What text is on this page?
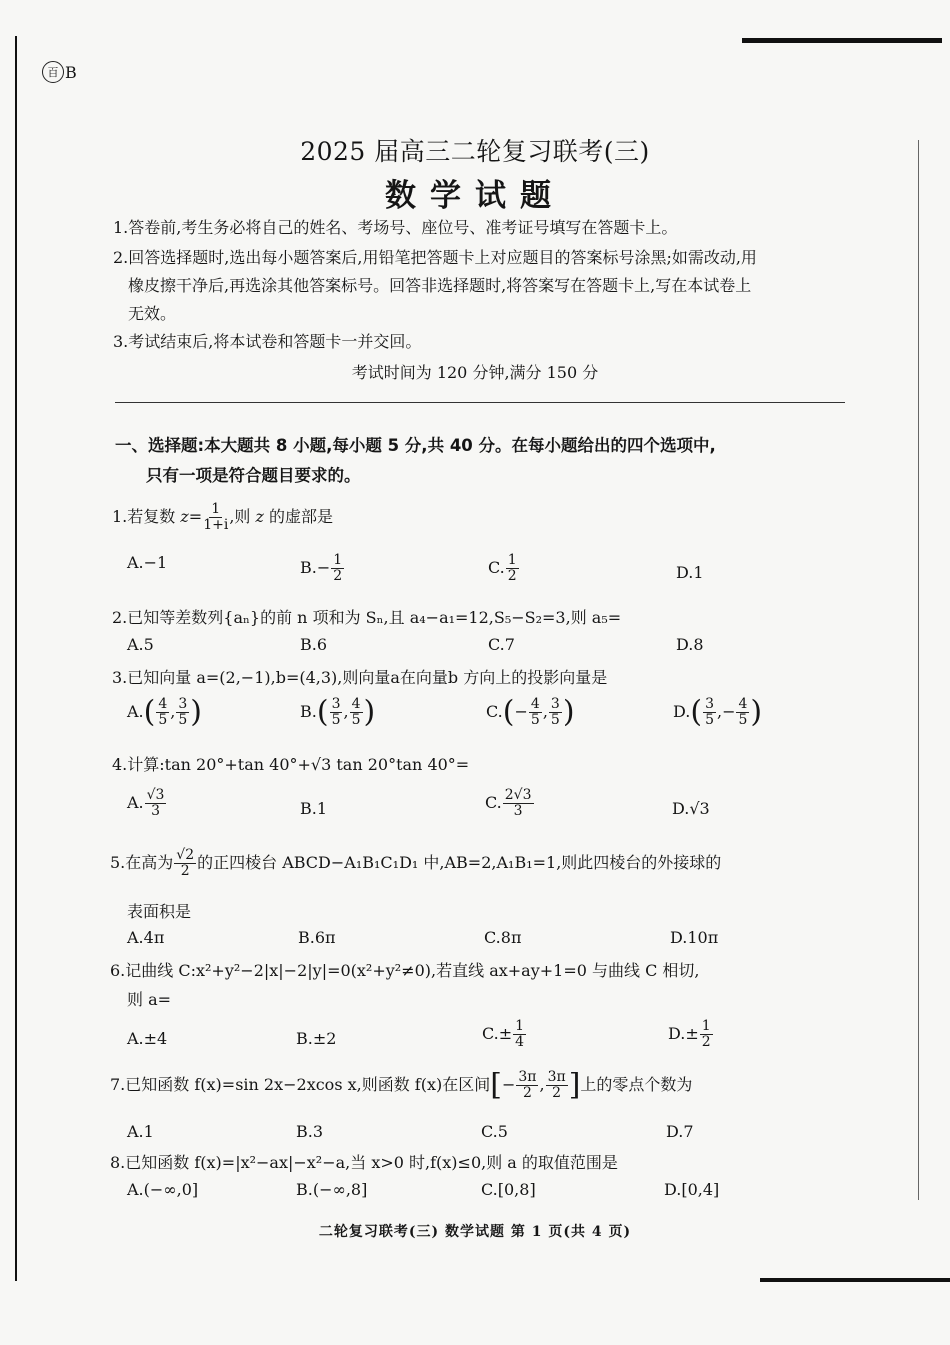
百 B
2025 届高三二轮复习联考(三)
数学试题
1.答卷前,考生务必将自己的姓名、考场号、座位号、准考证号填写在答题卡上。
2.回答选择题时,选出每小题答案后,用铅笔把答题卡上对应题目的答案标号涂黑;如需改动,用
橡皮擦干净后,再选涂其他答案标号。回答非选择题时,将答案写在答题卡上,写在本试卷上
无效。
3.考试结束后,将本试卷和答题卡一并交回。
考试时间为 120 分钟,满分 150 分
一、选择题:本大题共 8 小题,每小题 5 分,共 40 分。在每小题给出的四个选项中,
只有一项是符合题目要求的。
1.若复数 $z= \frac{1}{1+i}$ ,则 z 的虚部是
A.−1	$B.- \frac{1}{2}$	C. $\frac{1}{2}$	D.1
2.已知等差数列{aₙ}的前 n 项和为 Sₙ,且 a₄−a₁=12,S₅−S₂=3,则 a₅=
A.5	B.6	C.7	D.8
3.已知向量 a=(2,−1),b=(4,3),则向量a在向量b 方向上的投影向量是
$A.( \frac{4}{5}$ , $\frac{3}{5}$ )	$B.( \frac{3}{5}$ , $\frac{4}{5}$ )	$C.(- \frac{4}{5}$ , $\frac{3}{5}$ )	$D.( \frac{3}{5}$ ,− $\frac{4}{5}$ )
4.计算:tan 20°+tan 40°+√3 tan 20°tan 40°=
A. $\frac{√3}{3}$	B.1	C. $\frac{2√3}{3}$	D.√3
5.在高为 $\frac{√2}{2}$ 的正四棱台 ABCD−A₁B₁C₁D₁ 中,AB=2,A₁B₁=1,则此四棱台的外接球的
表面积是
A.4π	B.6π	C.8π	D.10π
6.记曲线 C:x²+y²−2|x|−2|y|=0(x²+y²≠0),若直线 ax+ay+1=0 与曲线 C 相切,
则 a=
A.±4	B.±2	$C.\pm \frac{1}{4}$	$D.\pm \frac{1}{2}$
7.已知函数 f(x)=sin 2x−2xcos x,则函数 f(x)在区间[− $\frac{3\pi}{2}$ , $\frac{3\pi}{2}$ ]上的零点个数为
A.1	B.3	C.5	D.7
8.已知函数 f(x)=|x²−ax|−x²−a,当 x>0 时,f(x)≤0,则 a 的取值范围是
A.(−∞,0]	B.(−∞,8]	C.[0,8]	D.[0,4]
二轮复习联考(三) 数学试题 第 1 页(共 4 页)
